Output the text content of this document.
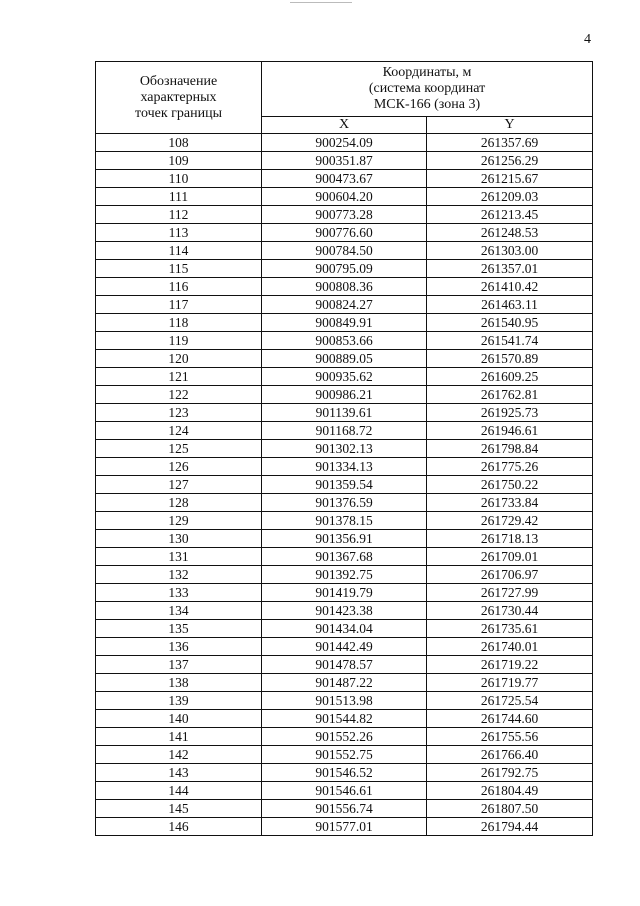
4
Обозначение
характерных
точек границы	Координаты, м
(система координат
МСК-166 (зона 3)	

	X	Y
108	900254.09	261357.69
109	900351.87	261256.29
110	900473.67	261215.67
111	900604.20	261209.03
112	900773.28	261213.45
113	900776.60	261248.53
114	900784.50	261303.00
115	900795.09	261357.01
116	900808.36	261410.42
117	900824.27	261463.11
118	900849.91	261540.95
119	900853.66	261541.74
120	900889.05	261570.89
121	900935.62	261609.25
122	900986.21	261762.81
123	901139.61	261925.73
124	901168.72	261946.61
125	901302.13	261798.84
126	901334.13	261775.26
127	901359.54	261750.22
128	901376.59	261733.84
129	901378.15	261729.42
130	901356.91	261718.13
131	901367.68	261709.01
132	901392.75	261706.97
133	901419.79	261727.99
134	901423.38	261730.44
135	901434.04	261735.61
136	901442.49	261740.01
137	901478.57	261719.22
138	901487.22	261719.77
139	901513.98	261725.54
140	901544.82	261744.60
141	901552.26	261755.56
142	901552.75	261766.40
143	901546.52	261792.75
144	901546.61	261804.49
145	901556.74	261807.50
146	901577.01	261794.44
